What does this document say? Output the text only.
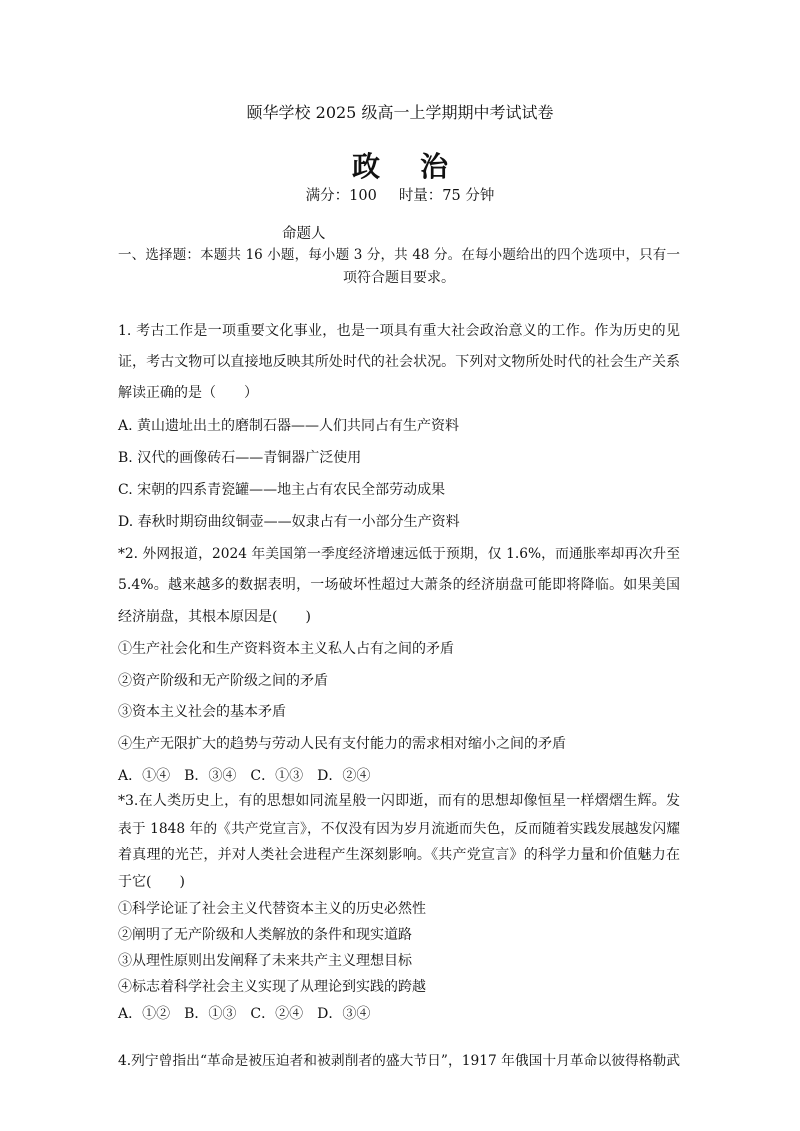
颐华学校 2025 级高一上学期期中考试试卷
政 治
满分：100 时量：75 分钟
命题人
一、选择题：本题共 16 小题，每小题 3 分，共 48 分。在每小题给出的四个选项中，只有一
项符合题目要求。
1. 考古工作是一项重要文化事业，也是一项具有重大社会政治意义的工作。作为历史的见
证，考古文物可以直接地反映其所处时代的社会状况。下列对文物所处时代的社会生产关系
解读正确的是（　　）
A. 黄山遗址出土的磨制石器——人们共同占有生产资料
B. 汉代的画像砖石——青铜器广泛使用
C. 宋朝的四系青瓷罐——地主占有农民全部劳动成果
D. 春秋时期窃曲纹铜壶——奴隶占有一小部分生产资料
*2. 外网报道，2024 年美国第一季度经济增速远低于预期，仅 1.6%，而通胀率却再次升至
5.4%。越来越多的数据表明，一场破坏性超过大萧条的经济崩盘可能即将降临。如果美国
经济崩盘，其根本原因是(　　)
①生产社会化和生产资料资本主义私人占有之间的矛盾
②资产阶级和无产阶级之间的矛盾
③资本主义社会的基本矛盾
④生产无限扩大的趋势与劳动人民有支付能力的需求相对缩小之间的矛盾
A．①④　B．③④　C．①③　D．②④
*3.在人类历史上，有的思想如同流星般一闪即逝，而有的思想却像恒星一样熠熠生辉。发
表于 1848 年的《共产党宣言》，不仅没有因为岁月流逝而失色，反而随着实践发展越发闪耀
着真理的光芒，并对人类社会进程产生深刻影响。《共产党宣言》的科学力量和价值魅力在
于它(　　)
①科学论证了社会主义代替资本主义的历史必然性
②阐明了无产阶级和人类解放的条件和现实道路
③从理性原则出发阐释了未来共产主义理想目标
④标志着科学社会主义实现了从理论到实践的跨越
A．①②　B．①③　C．②④　D．③④
4.列宁曾指出“革命是被压迫者和被剥削者的盛大节日”，1917 年俄国十月革命以彼得格勒武
